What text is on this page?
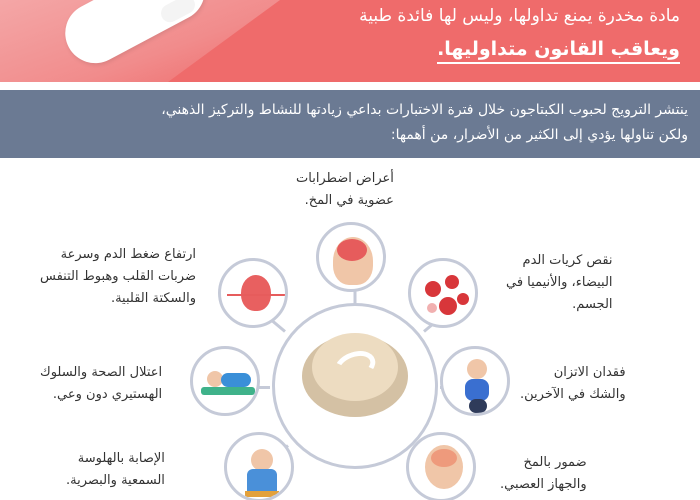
مادة مخدرة يمنع تداولها، وليس لها فائدة طبية
ويعاقب القانون متداوليها.
ينتشر الترويج لحبوب الكبتاجون خلال فترة الاختبارات بداعي زيادتها للنشاط والتركيز الذهني،
ولكن تناولها يؤدي إلى الكثير من الأضرار، من أهمها:
أعراض اضطرابات
عضوية في المخ.
ارتفاع ضغط الدم وسرعة
ضربات القلب وهبوط التنفس
والسكتة القلبية.
نقص كريات الدم
البيضاء، والأنيميا في
الجسم.
اعتلال الصحة والسلوك
الهستيري دون وعي.
فقدان الاتزان
والشك في الآخرين.
الإصابة بالهلوسة
السمعية والبصرية.
ضمور بالمخ
والجهاز العصبي.
